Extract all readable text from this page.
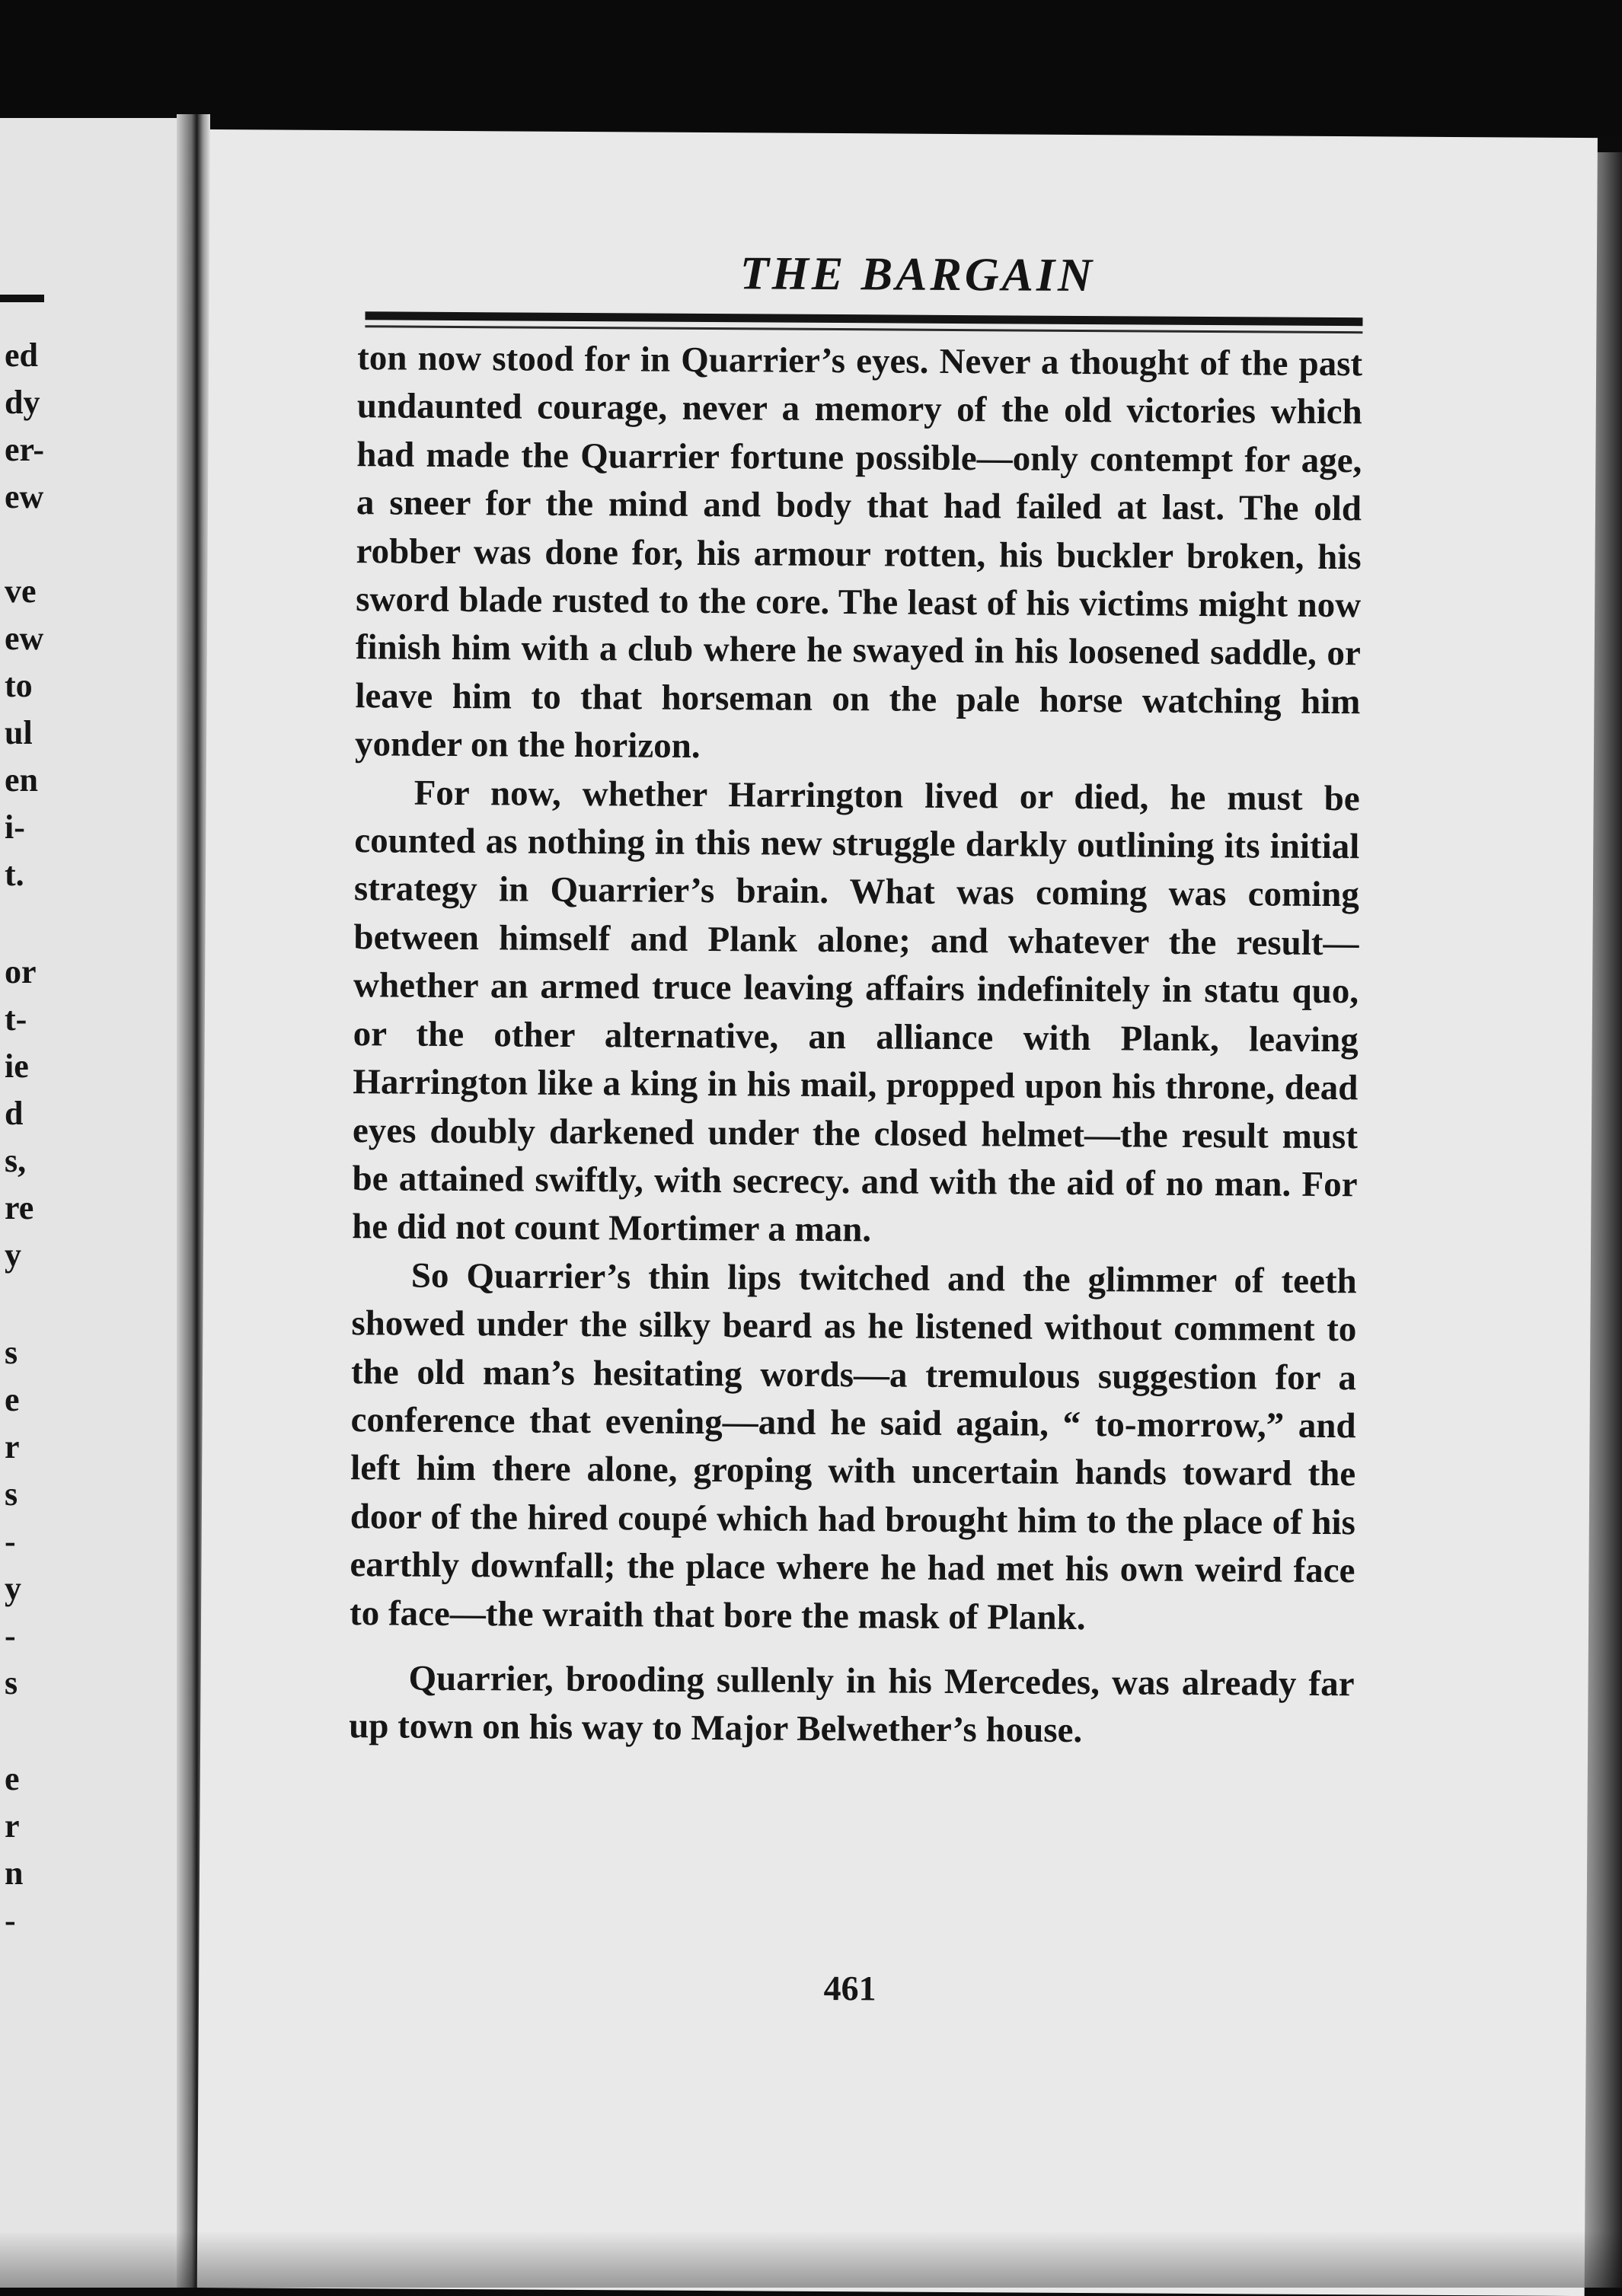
ed
dy
er-
ew
ve
ew
to
ul
en
i-
t.
or
t-
ie
d
s,
re
y
s
e
r
s
-
y
-
s
e
r
n
-
THE BARGAIN

ton now stood for in Quarrier’s eyes. Never a thought of the past undaunted courage, never a memory of the old victories which had made the Quarrier fortune possible—only contempt for age, a sneer for the mind and body that had failed at last. The old robber was done for, his armour rotten, his buckler broken, his sword blade rusted to the core. The least of his victims might now finish him with a club where he swayed in his loosened saddle, or leave him to that horseman on the pale horse watching him yonder on the horizon.

For now, whether Harrington lived or died, he must be counted as nothing in this new struggle darkly outlining its initial strategy in Quarrier’s brain. What was coming was coming between himself and Plank alone; and whatever the result—whether an armed truce leaving affairs indefinitely in statu quo, or the other alternative, an alliance with Plank, leaving Harrington like a king in his mail, propped upon his throne, dead eyes doubly darkened under the closed helmet—the result must be attained swiftly, with secrecy. and with the aid of no man. For he did not count Mortimer a man.

So Quarrier’s thin lips twitched and the glimmer of teeth showed under the silky beard as he listened without comment to the old man’s hesitating words—a tremulous suggestion for a conference that evening—and he said again, “ to-morrow,” and left him there alone, groping with uncertain hands toward the door of the hired coupé which had brought him to the place of his earthly downfall; the place where he had met his own weird face to face—the wraith that bore the mask of Plank.

Quarrier, brooding sullenly in his Mercedes, was already far up town on his way to Major Belwether’s house.

461
